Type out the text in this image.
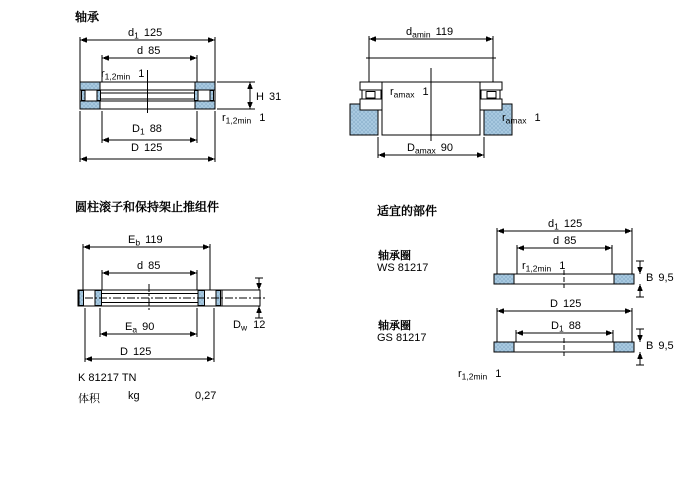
轴承
圆柱滚子和保持架止推组件	适宜的部件
轴承圈
WS 81217
轴承圈
GS 81217
K 81217 TN
体积	kg	0,27
$d_1$ 125
d 85
$r_{1,2min}$ 1
H 31
$r_{1,2min}$ 1
$D_1$ 88
D 125
$d_{amin}$ 119
$r_{amax}$ 1
$r_{amax}$ 1
$D_{amax}$ 90
$E_b$ 119
d 85
$D_w$ 12
$E_a$ 90
D 125
$d_1$ 125
d 85
$r_{1,2min}$ 1
B 9,5
D 125
$D_1$ 88
B 9,5
$r_{1,2min}$ 1
